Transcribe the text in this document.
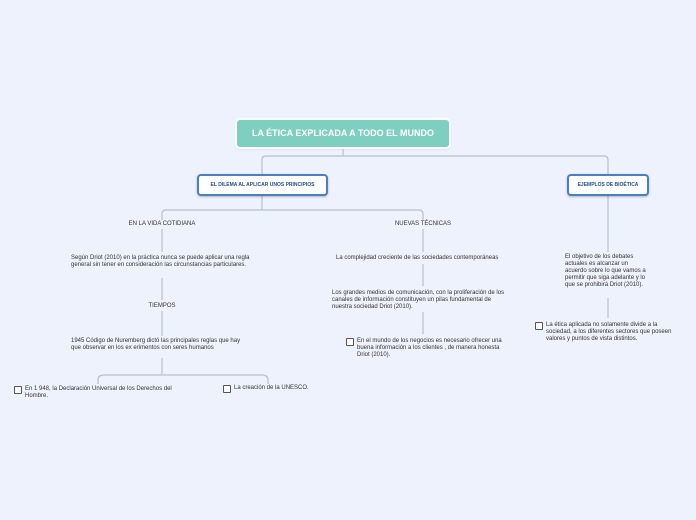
LA ÉTICA EXPLICADA A TODO EL MUNDO
EL DILEMA AL APLICAR UNOS PRINCIPIOS	EJEMPLOS DE BIOÉTICA
EN LA VIDA COTIDIANA	NUEVAS TÉCNICAS
Según Driot (2010) en la práctica nunca se puede aplicar una regla general sin tener en consideración las circunstancias particulares.
TIEMPOS
1945 Código de Nuremberg dictó las principales reglas que hay que observar en los ex erimentos con seres humanos
En 1 948, la Declaración Universal de los Derechos del Hombre.
La creación de la UNESCO.
La complejidad creciente de las sociedades contemporáneas
Los grandes medios de comunicación, con la proliferación de los canales de información constituyen un pilas fundamental de nuestra sociedad Driot (2010).
En el mundo de los negocios es necesario ofrecer una buena información a los clientes , de manera honesta Driot (2010).
El objetivo de los debates actuales es alcanzar un acuerdo sobre lo que vamos a permitir que siga adelante y lo que se prohibirá Driot (2010).
La ética aplicada no solamente divide a la sociedad, a los diferentes sectores que poseen valores y puntos de vista distintos.
